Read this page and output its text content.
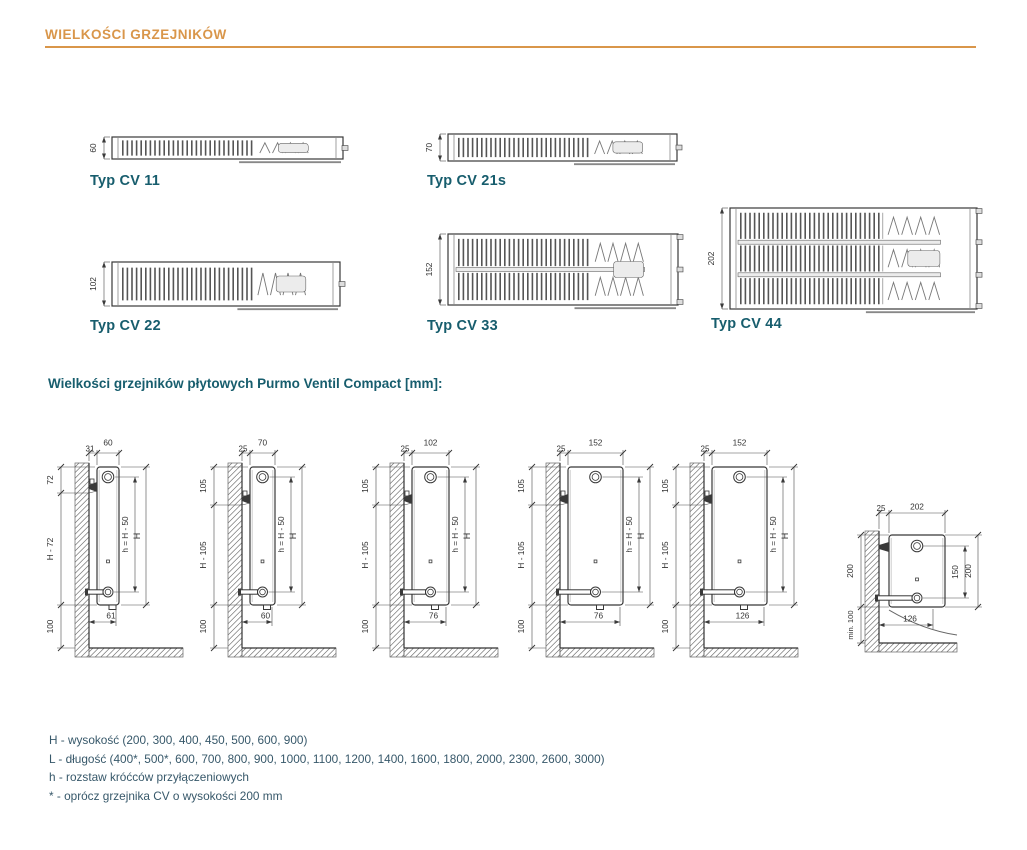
WIELKOŚCI GRZEJNIKÓW
60	70
102
152
202
60
31
72
H - 72
100
h = H - 50 H
61
70
25
105
H - 105
100
h = H - 50 H
60
102
25
105
H - 105
100
h = H - 50 H
76
152
25
105
H - 105
100
h = H - 50 H
76
152
25
105
H - 105
100
h = H - 50 H
126
202
25
200
min. 100
150 200
126
Typ CV 11	Typ CV 21s
Typ CV 22	Typ CV 33	Typ CV 44
Wielkości grzejników płytowych Purmo Ventil Compact [mm]:
H - wysokość (200, 300, 400, 450, 500, 600, 900)
L - długość (400*, 500*, 600, 700, 800, 900, 1000, 1100, 1200, 1400, 1600, 1800, 2000, 2300, 2600, 3000)
h - rozstaw króćców przyłączeniowych
* - oprócz grzejnika CV o wysokości 200 mm
